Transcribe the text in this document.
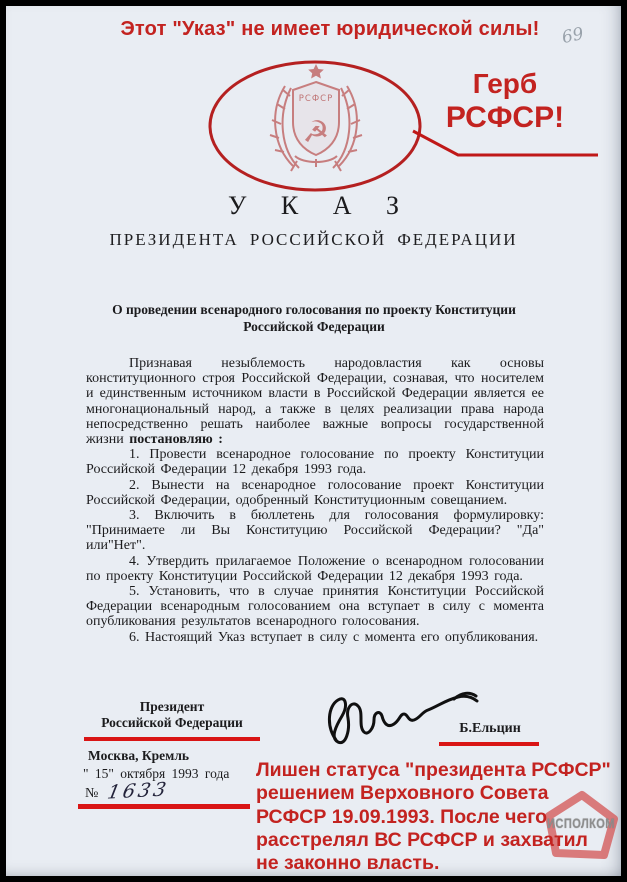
Этот "Указ" не имеет юридической силы! 69
РСФСР
☭
Герб
РСФСР!
У К А З
ПРЕЗИДЕНТА РОССИЙСКОЙ ФЕДЕРАЦИИ
О проведении всенародного голосования по проекту Конституции
Российской Федерации

Признавая незыблемость народовластия как основы конституционного строя Российской Федерации, сознавая, что носителем и единственным источником власти в Российской Федерации является ее многонациональный народ, а также в целях реализации права народа непосредственно решать наиболее важные вопросы государственной жизни постановляю :

1. Провести всенародное голосование по проекту Конституции Российской Федерации 12 декабря 1993 года.

2. Вынести на всенародное голосование проект Конституции Российской Федерации, одобренный Конституционным совещанием.

3. Включить в бюллетень для голосования формулировку: "Принимаете ли Вы Конституцию Российской Федерации? "Да" или"Нет".

4. Утвердить прилагаемое Положение о всенародном голосовании по проекту Конституции Российской Федерации 12 декабря 1993 года.

5. Установить, что в случае принятия Конституции Российской Федерации всенародным голосованием она вступает в силу с момента опубликования результатов всенародного голосования.

6. Настоящий Указ вступает в силу с момента его опубликования.

Президент
Российской Федерации	Б.Ельцин
Москва, Кремль
" 15" октября 1993 года
№ 1633
ИСПОЛКОМ
Лишен статуса "президента РСФСР"
решением Верховного Совета
РСФСР 19.09.1993. После чего
расстрелял ВС РСФСР и захватил
не законно власть.
